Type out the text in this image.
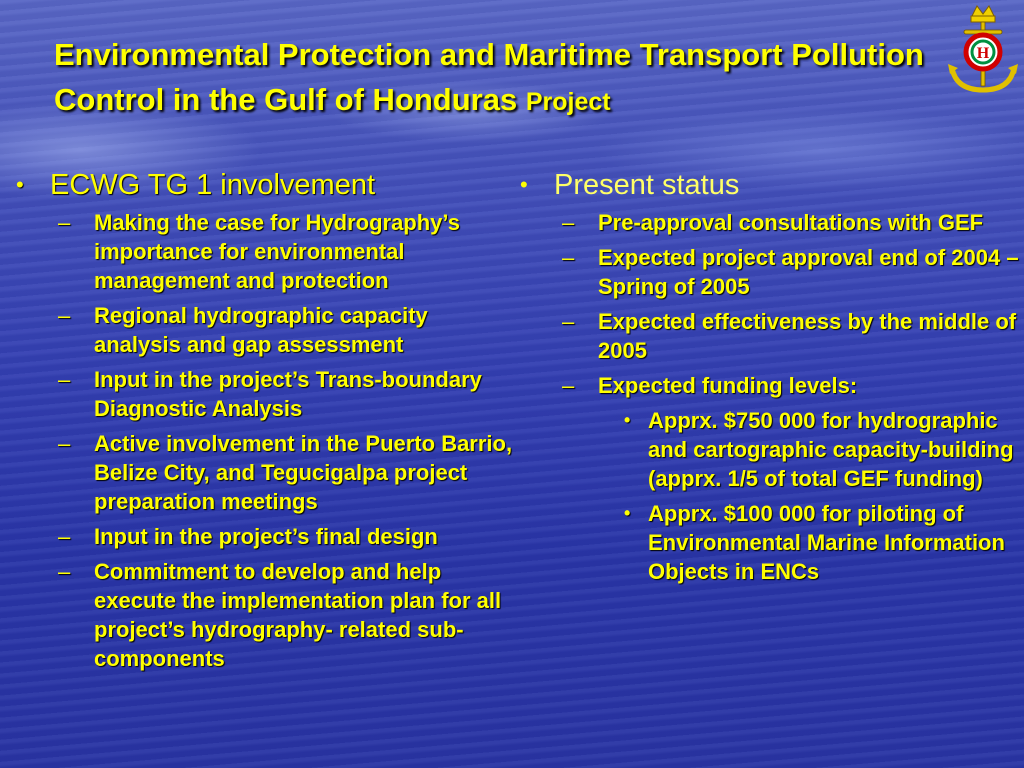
Environmental Protection and Maritime Transport Pollution Control in the Gulf of Honduras Project
H
• ECWG TG 1 involvement
–	Making the case for Hydrography’s importance for environmental management and protection
–	Regional hydrographic capacity analysis and gap assessment
–	Input in the project’s Trans-boundary Diagnostic Analysis
–	Active involvement in the Puerto Barrio, Belize City, and Tegucigalpa project preparation meetings
–	Input in the project’s final design
–	Commitment to develop and help execute the implementation plan for all project’s hydrography- related sub-components
• Present status
–	Pre-approval consultations with GEF
–	Expected project approval end of 2004 – Spring of 2005
–	Expected effectiveness by the middle of 2005
–	Expected funding levels:
• Apprx. $750 000 for hydrographic and cartographic capacity-building (apprx. 1/5 of total GEF funding)
• Apprx. $100 000 for piloting of Environmental Marine Information Objects in ENCs
